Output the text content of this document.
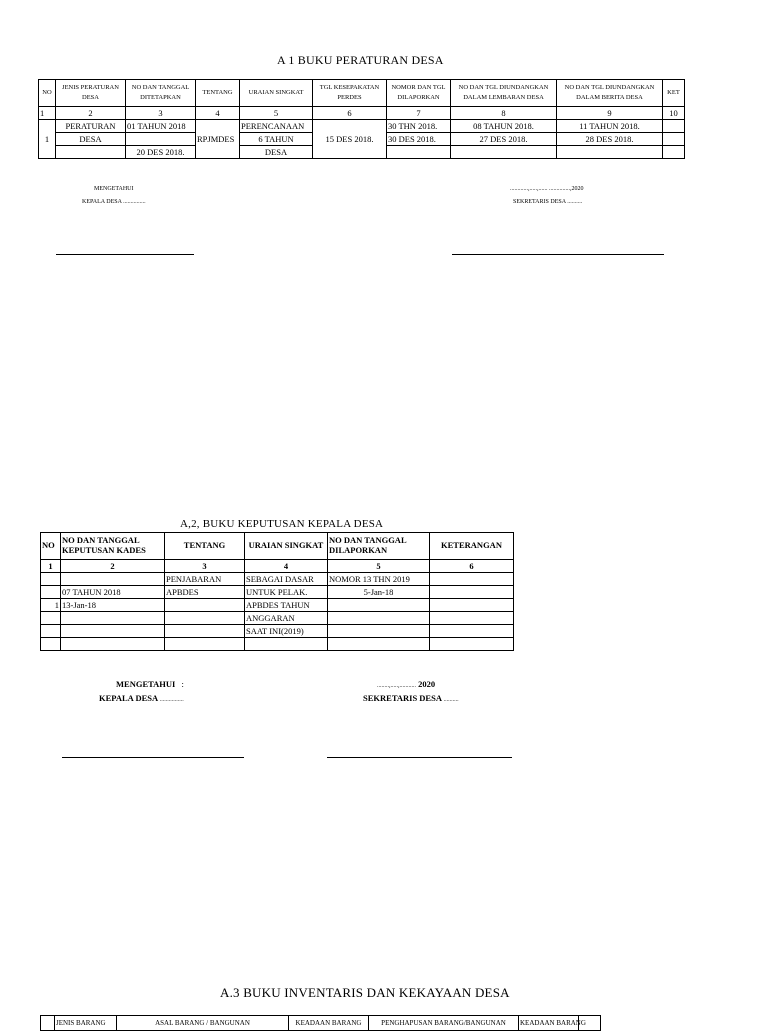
A 1 BUKU PERATURAN DESA
NO	JENIS PERATURAN DESA	NO DAN TANGGAL DITETAPKAN	TENTANG	URAIAN SINGKAT	TGL KESEPAKATAN PERDES	NOMOR DAN TGL DILAPORKAN	NO DAN TGL DIUNDANGKAN DALAM LEMBARAN DESA	NO DAN TGL DIUNDANGKAN DALAM BERITA DESA	KET
1	2	3	4	5	6	7	8	9	10
1	PERATURAN	01 TAHUN 2018	RPJMDES	PERENCANAAN	15 DES 2018.	30 THN 2018.	08 TAHUN 2018.	11 TAHUN 2018.	
	DESA			6 TAHUN		30 DES 2018.	27 DES 2018.	28 DES 2018.	
		20 DES 2018.		DESA					
MENGETAHUI
KEPALA DESA ...............
............,.....,...... ..............,2020
SEKRETARIS DESA ..........
A,2, BUKU KEPUTUSAN KEPALA DESA
NO	NO DAN TANGGAL KEPUTUSAN KADES	TENTANG	URAIAN SINGKAT	NO DAN TANGGAL DILAPORKAN	KETERANGAN
1	2	3	4	5	6
		PENJABARAN	SEBAGAI DASAR	NOMOR 13 THN 2019	
	07 TAHUN 2018	APBDES	UNTUK PELAK.	5-Jan-18	
1	13-Jan-18		APBDES TAHUN		
			ANGGARAN		
			SAAT INI(2019)		

MENGETAHUI :
KEPALA DESA ................
........,.....,........... 2020
SEKRETARIS DESA ..........
A.3 BUKU INVENTARIS DAN KEKAYAAN DESA
	JENIS BARANG	ASAL BARANG / BANGUNAN	KEADAAN BARANG	PENGHAPUSAN BARANG/BANGUNAN	KEADAAN BARANG	
